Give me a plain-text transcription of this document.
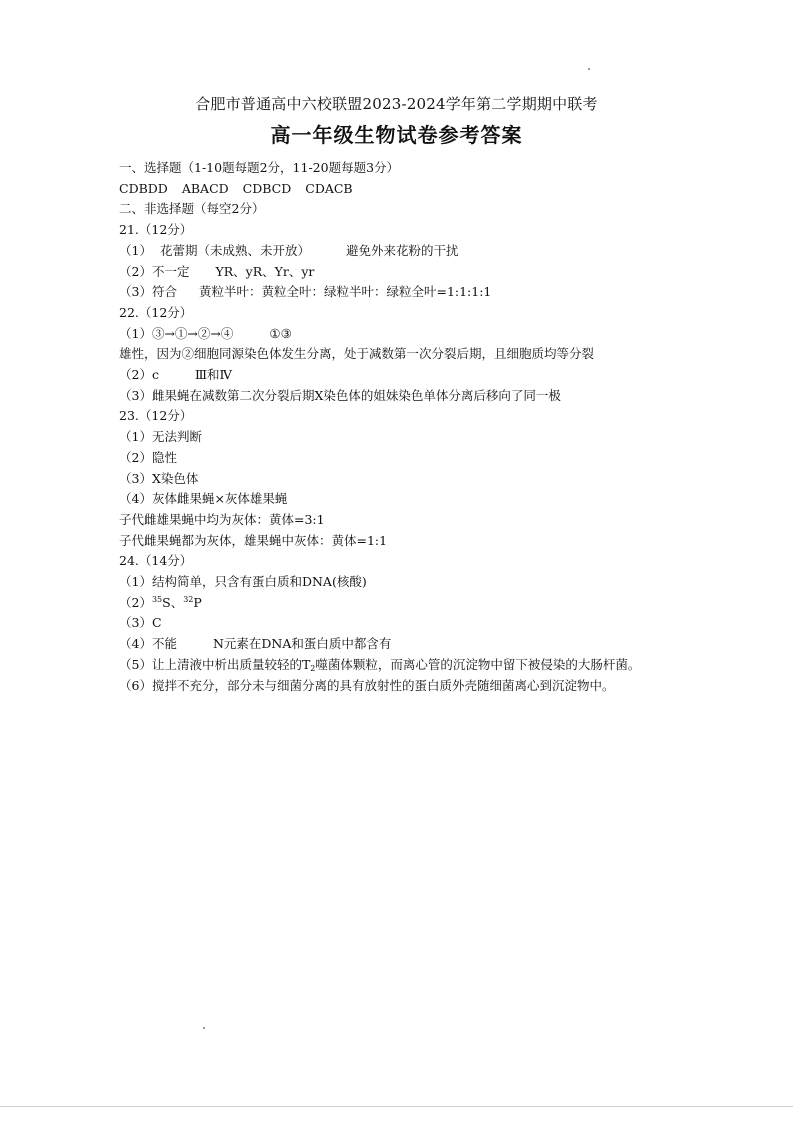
合肥市普通高中六校联盟2023-2024学年第二学期期中联考
高一年级生物试卷参考答案
一、选择题（1-10题每题2分，11-20题每题3分）
CDBDD ABACD CDBCD CDACB
二、非选择题（每空2分）
21.（12分）
（1） 花蕾期（未成熟、未开放）	避免外来花粉的干扰
（2）不一定 YR、yR、Yr、yr
（3）符合 黄粒半叶：黄粒全叶：绿粒半叶：绿粒全叶=1:1:1:1
22.（12分）
（1）③→①→②→④	①③
雄性，因为②细胞同源染色体发生分离，处于减数第一次分裂后期，且细胞质均等分裂
（2）c	Ⅲ和Ⅳ
（3）雌果蝇在减数第二次分裂后期X染色体的姐妹染色单体分离后移向了同一极
23.（12分）
（1）无法判断
（2）隐性
（3）X染色体
（4）灰体雌果蝇×灰体雄果蝇
子代雌雄果蝇中均为灰体：黄体=3:1
子代雌果蝇都为灰体，雄果蝇中灰体：黄体=1:1
24.（14分）
（1）结构简单，只含有蛋白质和DNA(核酸)
$(2)^{35}S$、$^{32}$P
（3）C
（4）不能	N元素在DNA和蛋白质中都含有
（5）让上清液中析出质量较轻的$T_2$噬菌体颗粒，而离心管的沉淀物中留下被侵染的大肠杆菌。
（6）搅拌不充分，部分未与细菌分离的具有放射性的蛋白质外壳随细菌离心到沉淀物中。
